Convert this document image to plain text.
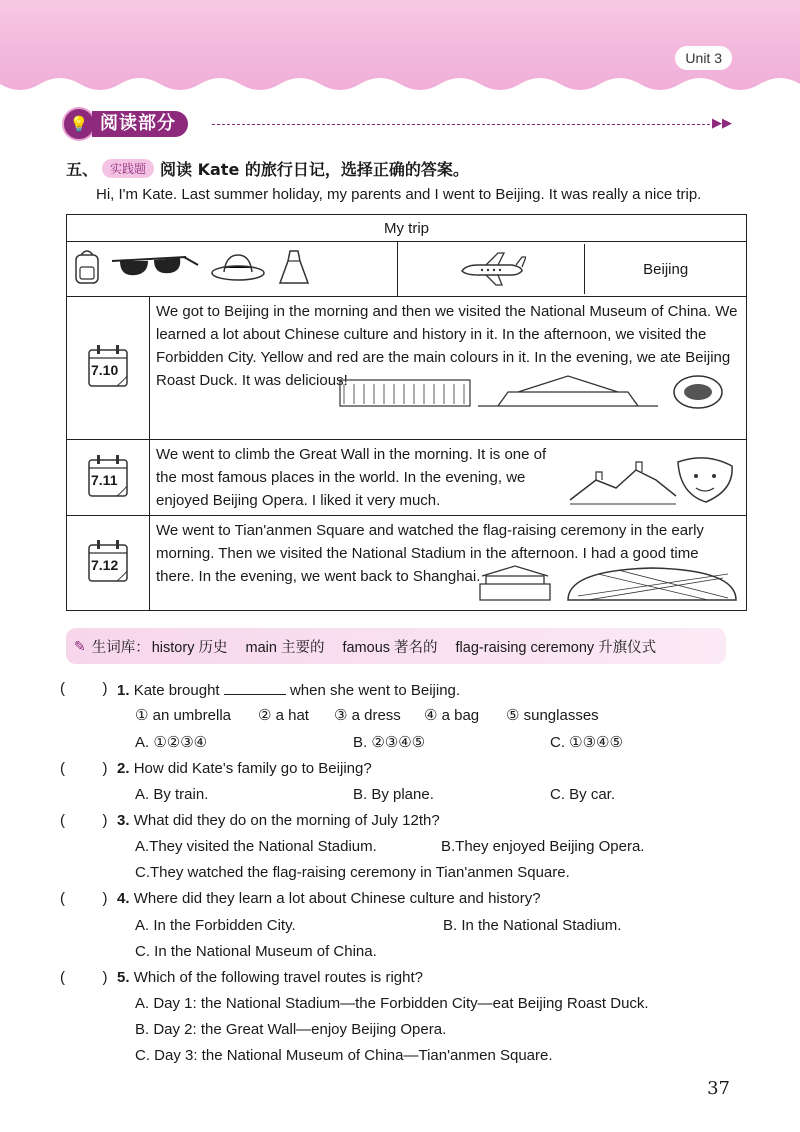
Unit 3
💡 阅读部分	▶▶
五、	实践题 阅读 Kate 的旅行日记，选择正确的答案。
Hi, I'm Kate. Last summer holiday, my parents and I went to Beijing. It was really a nice trip.
My trip		

Beijing

7.10	We got to Beijing in the morning and then we visited the National Museum of China. We learned a lot about Chinese culture and history in it. In the afternoon, we visited the Forbidden City. Yellow and red are the main colours in it. In the evening, we ate Beijing Roast Duck. It was delicious!	

7.11	We went to climb the Great Wall in the morning. It is one of the most famous places in the world. In the evening, we enjoyed Beijing Opera. I liked it very much.	

7.12	We went to Tian'anmen Square and watched the flag-raising ceremony in the early morning. Then we visited the National Stadium in the afternoon. I had a good time there. In the evening, we went back to Shanghai.	
✎ 生词库： history 历史 main 主要的 famous 著名的 flag-raising ceremony 升旗仪式
(         ) 1. Kate brought	when she went to Beijing.
① an umbrella ② a hat ③ a dress ④ a bag ⑤ sunglasses
A. ①②③④	B. ②③④⑤	C. ①③④⑤
(         ) 2. How did Kate's family go to Beijing?
A. By train.	B. By plane.	C. By car.
(         ) 3. What did they do on the morning of July 12th?
A.They visited the National Stadium.	B.They enjoyed Beijing Opera.
C.They watched the flag-raising ceremony in Tian'anmen Square.
(         ) 4. Where did they learn a lot about Chinese culture and history?
A. In the Forbidden City.	B. In the National Stadium.
C. In the National Museum of China.
(         ) 5. Which of the following travel routes is right?
A. Day 1: the National Stadium—the Forbidden City—eat Beijing Roast Duck.
B. Day 2: the Great Wall—enjoy Beijing Opera.
C. Day 3: the National Museum of China—Tian'anmen Square.
37
